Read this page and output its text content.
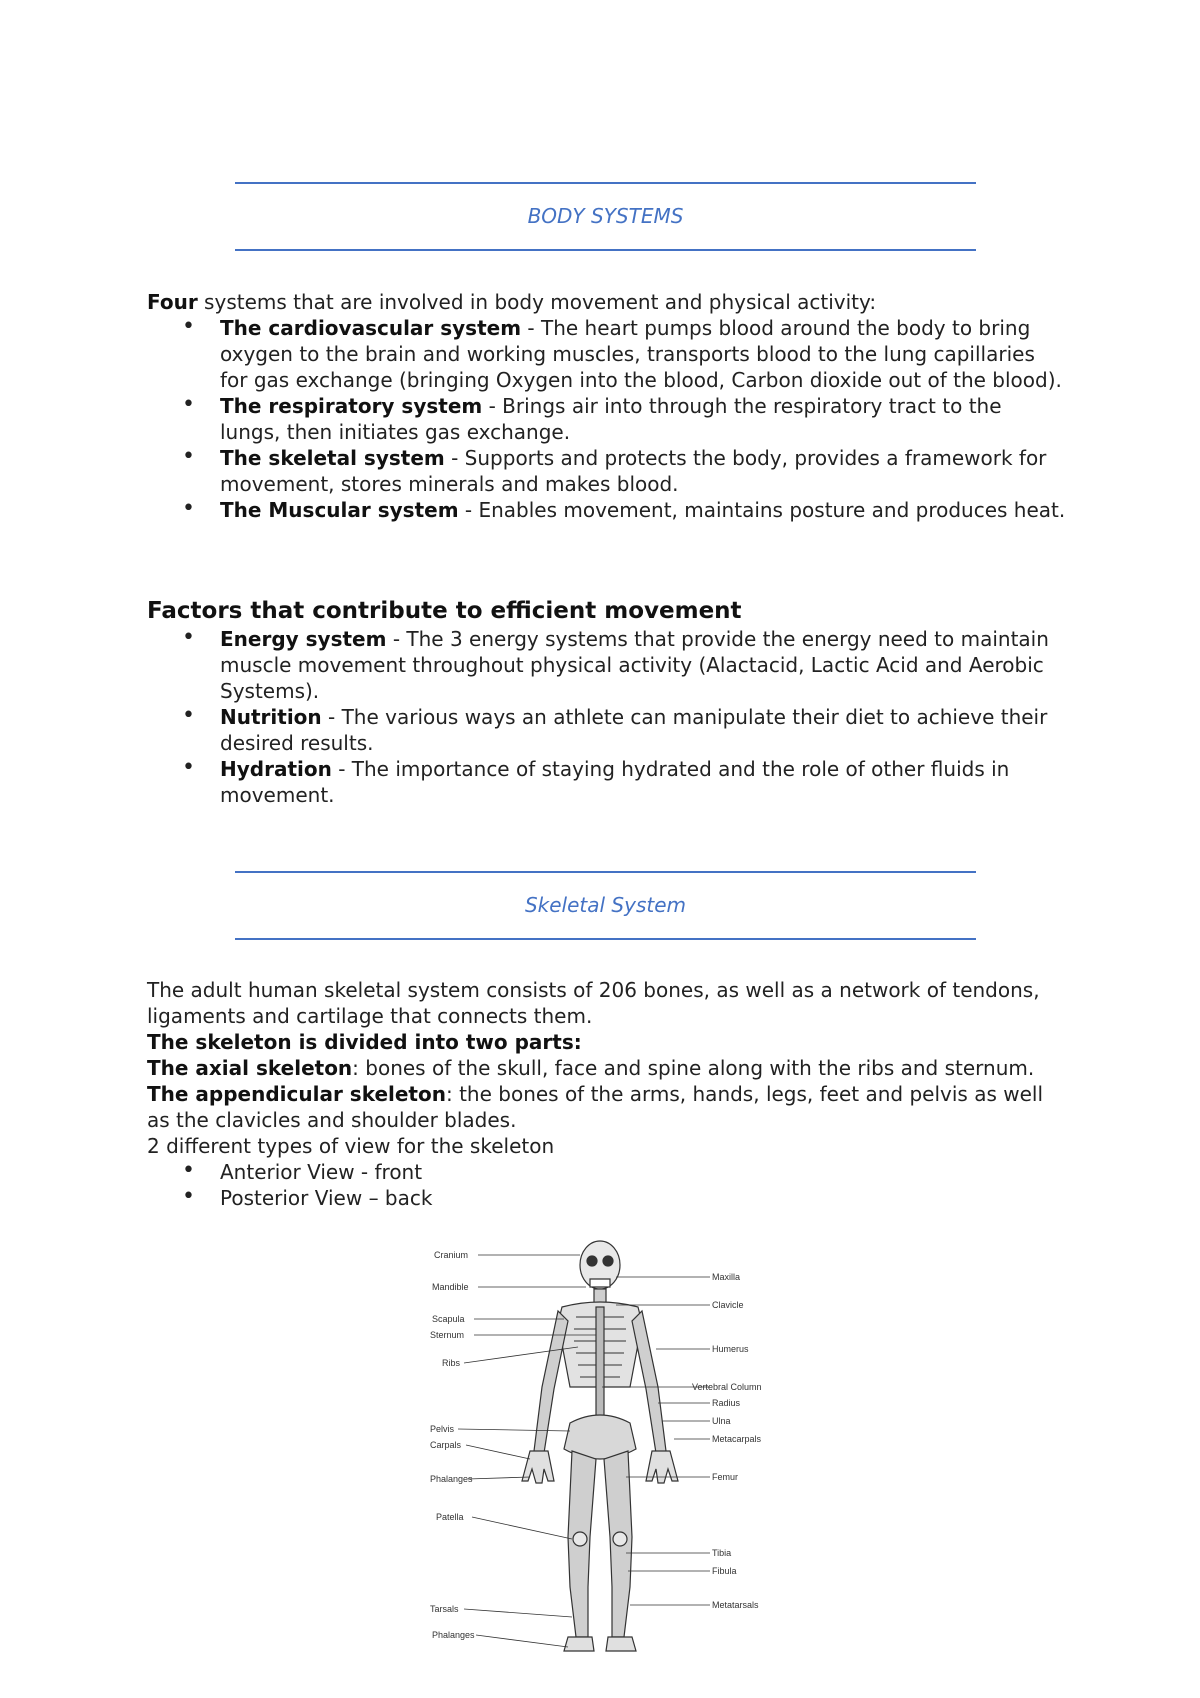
BODY SYSTEMS

Four systems that are involved in body movement and physical activity:

• The cardiovascular system - The heart pumps blood around the body to bring oxygen to the brain and working muscles, transports blood to the lung capillaries for gas exchange (bringing Oxygen into the blood, Carbon dioxide out of the blood).
• The respiratory system - Brings air into through the respiratory tract to the lungs, then initiates gas exchange.
• The skeletal system - Supports and protects the body, provides a framework for movement, stores minerals and makes blood.
• The Muscular system - Enables movement, maintains posture and produces heat.

Factors that contribute to efficient movement

• Energy system - The 3 energy systems that provide the energy need to maintain muscle movement throughout physical activity (Alactacid, Lactic Acid and Aerobic Systems).
• Nutrition - The various ways an athlete can manipulate their diet to achieve their desired results.
• Hydration - The importance of staying hydrated and the role of other fluids in movement.
Skeletal System

The adult human skeletal system consists of 206 bones, as well as a network of tendons, ligaments and cartilage that connects them.

The skeleton is divided into two parts:

The axial skeleton: bones of the skull, face and spine along with the ribs and sternum.

The appendicular skeleton: the bones of the arms, hands, legs, feet and pelvis as well as the clavicles and shoulder blades.

2 different types of view for the skeleton

• Anterior View - front
• Posterior View – back
Cranium
Mandible
Scapula
Sternum
Ribs
Pelvis
Carpals
Phalanges
Patella
Tarsals
Phalanges
Maxilla
Clavicle
Humerus
Vertebral Column
Radius
Ulna
Metacarpals
Femur
Tibia
Fibula
Metatarsals
